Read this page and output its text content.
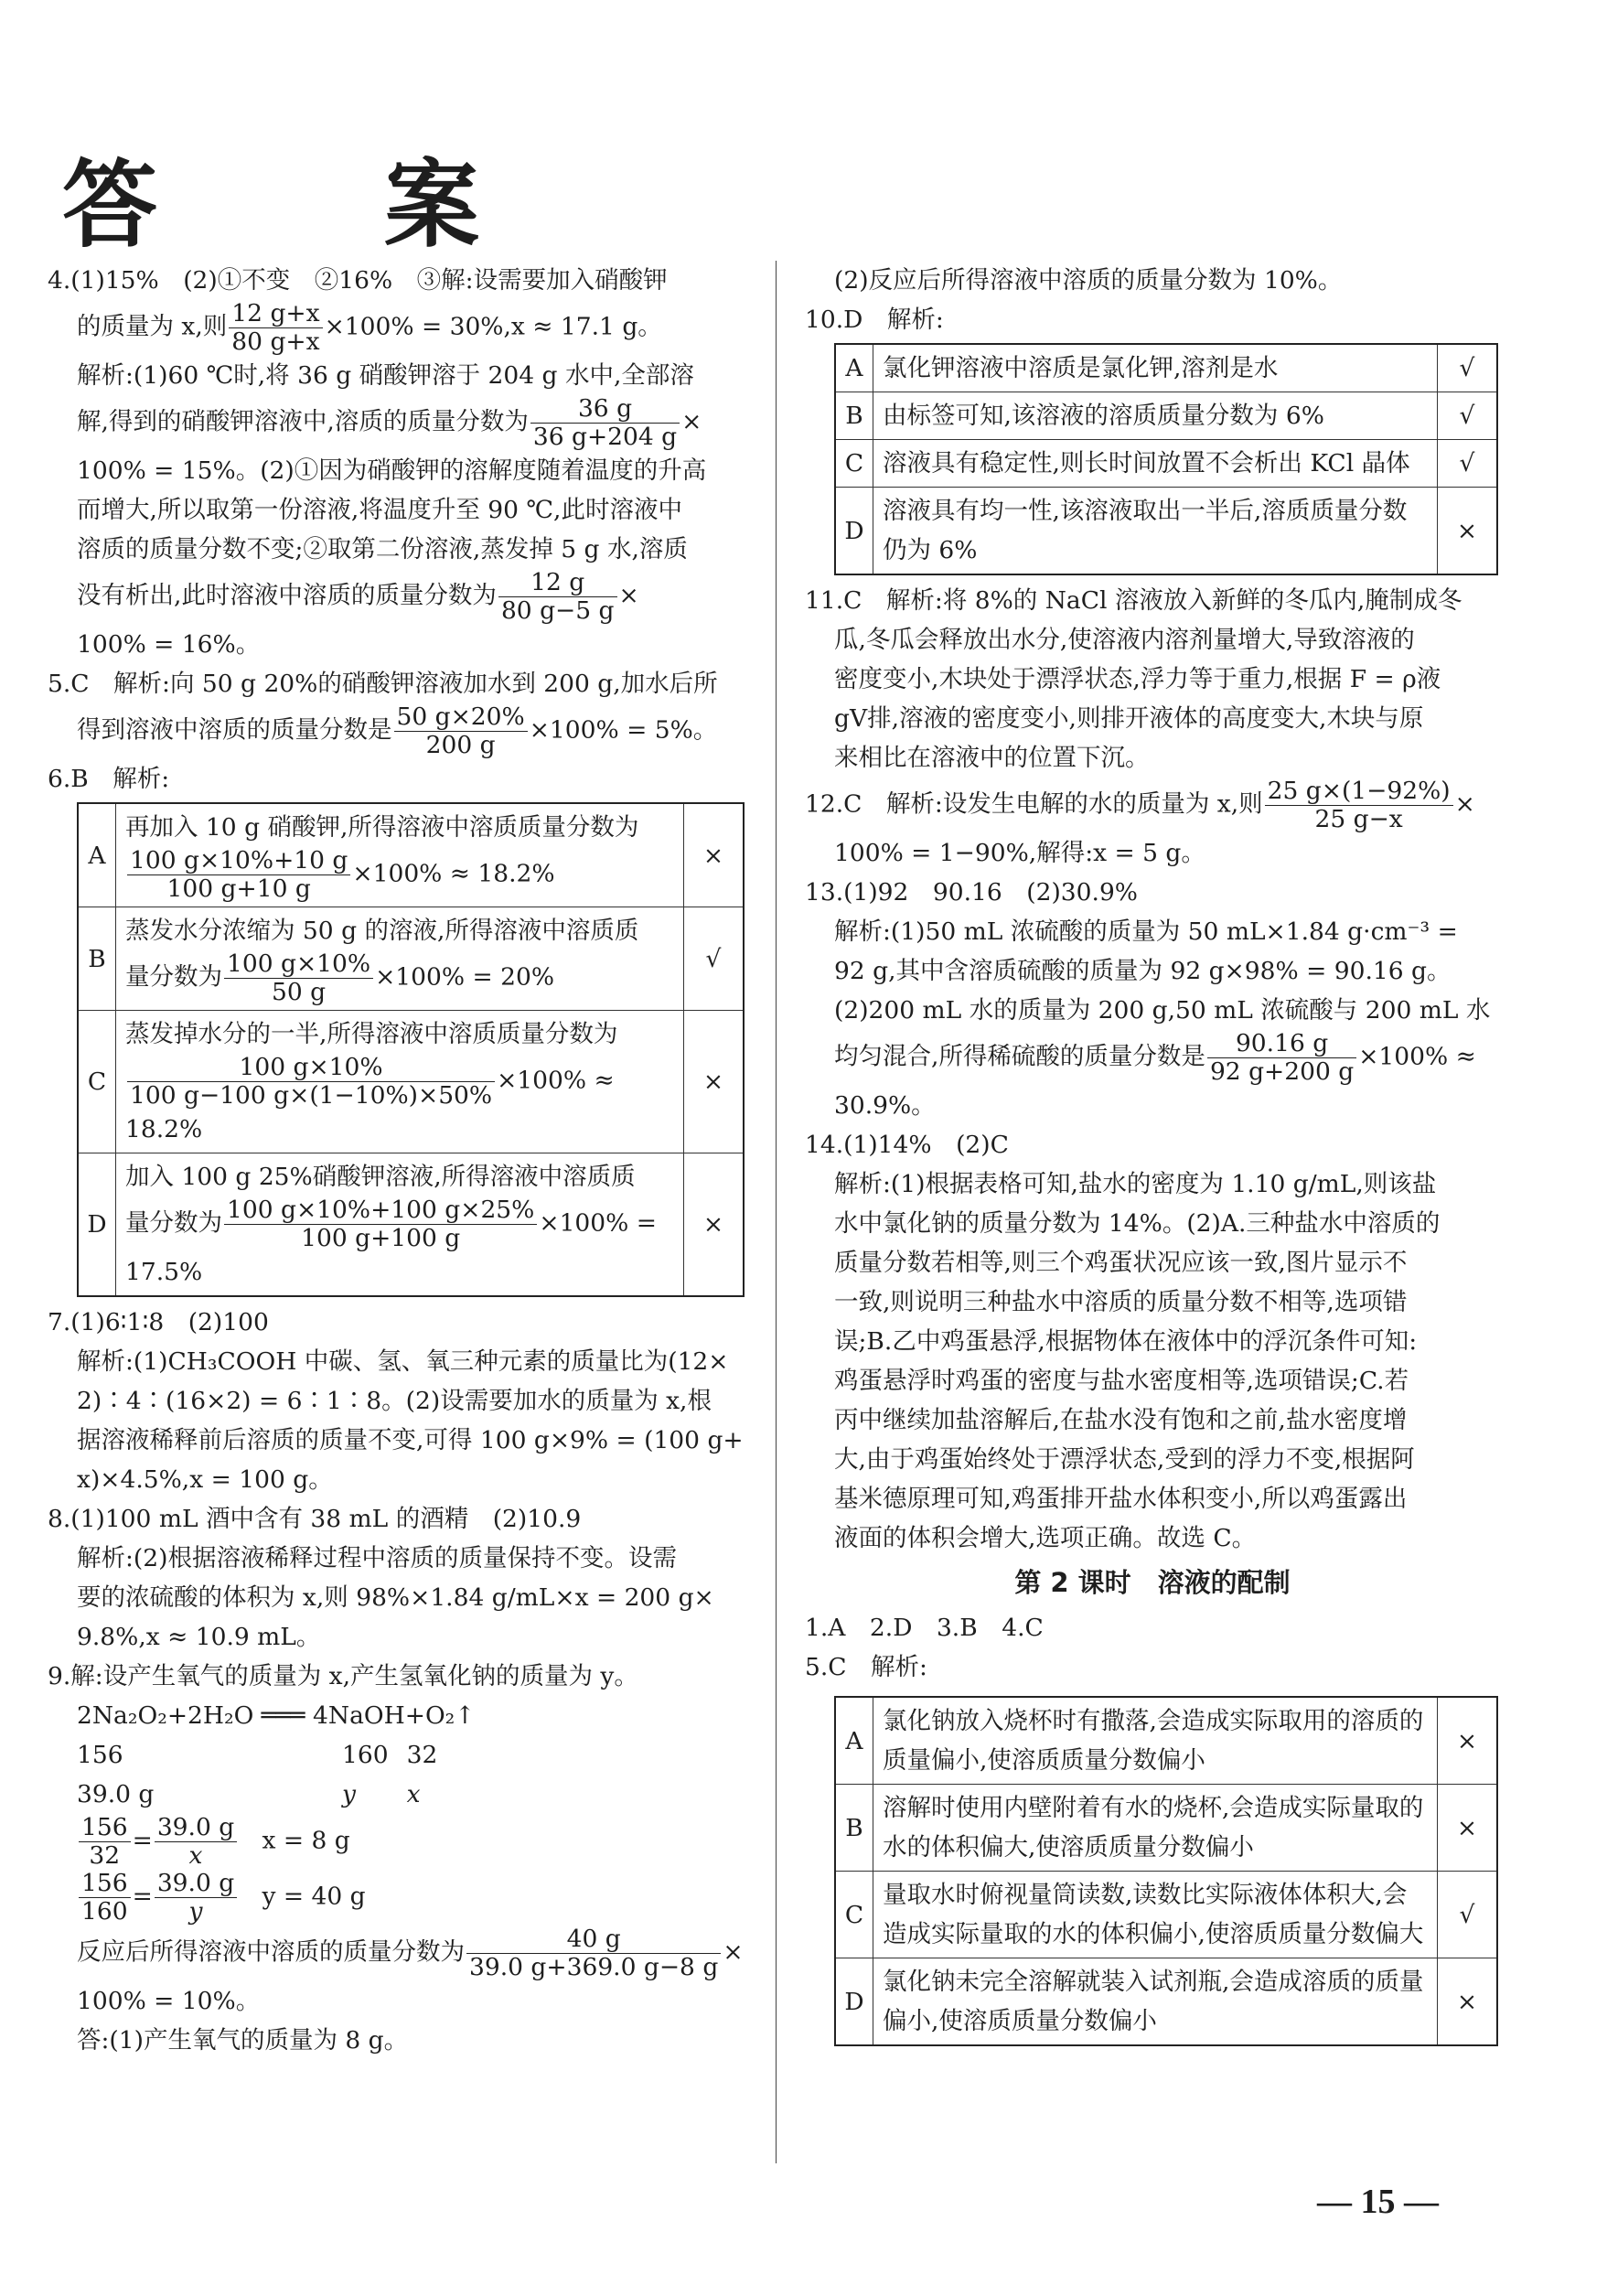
答　案

4.(1)15%　(2)①不变　②16%　③解:设需要加入硝酸钾

的质量为 x,则 $\frac{12 g+x}{80 g+x} \times 100\% = 30\%,x \approx 17.1$ g。

解析:(1)60 ℃时,将 36 g 硝酸钾溶于 204 g 水中,全部溶

解,得到的硝酸钾溶液中,溶质的质量分数为 $\frac{36 g}{36 g+204 g}$ ×

100% = 15%。(2)①因为硝酸钾的溶解度随着温度的升高

而增大,所以取第一份溶液,将温度升至 90 ℃,此时溶液中

溶质的质量分数不变;②取第二份溶液,蒸发掉 5 g 水,溶质

没有析出,此时溶液中溶质的质量分数为 $\frac{12 g}{80 g-5 g}$ ×

100% = 16%。

5.C　解析:向 50 g 20%的硝酸钾溶液加水到 200 g,加水后所

得到溶液中溶质的质量分数是 $\frac{50 g\times 20\%}{200 g} \times 100\% = 5\%$。

6.B　解析:

A	再加入 10 g 硝酸钾,所得溶液中溶质质量分数为
$\frac{100 g\times 10\%+10 g}{100 g+10 g} \times 100\% \approx 18.2\%$	×
B	蒸发水分浓缩为 50 g 的溶液,所得溶液中溶质质
量分数为 $\frac{100 g\times 10\%}{50 g} \times 100\% = 20\%$	√
C	蒸发掉水分的一半,所得溶液中溶质质量分数为
$\frac{100 g\times 10\%}{100 g-100 g\times(1-10\%)\times 50\%} \times 100\% \approx 18.2\%$	×
D	加入 100 g 25%硝酸钾溶液,所得溶液中溶质质
量分数为 $\frac{100 g\times 10\%+100 g\times 25\%}{100 g+100 g} \times 100\% = 17.5\%$	×

7.(1)6∶1∶8　(2)100

解析:(1)CH₃COOH 中碳、氢、氧三种元素的质量比为(12×

2)∶4∶(16×2) = 6∶1∶8。(2)设需要加水的质量为 x,根

据溶液稀释前后溶质的质量不变,可得 100 g×9% = (100 g+

x)×4.5%,x = 100 g。

8.(1)100 mL 酒中含有 38 mL 的酒精　(2)10.9

解析:(2)根据溶液稀释过程中溶质的质量保持不变。设需

要的浓硫酸的体积为 x,则 98%×1.84 g/mL×x = 200 g×

9.8%,x ≈ 10.9 mL。

9.解:设产生氧气的质量为 x,产生氢氧化钠的质量为 y。

2Na₂O₂+2H₂O ═══ 4NaOH+O₂↑

156	160	32
39.0 g	y	x

$\frac{156}{32} = \frac{39.0 g}{x}$ x = 8 g

$\frac{156}{160} = \frac{39.0 g}{y}$ y = 40 g

反应后所得溶液中溶质的质量分数为 $\frac{40 g}{39.0 g+369.0 g-8 g}$ ×

100% = 10%。

答:(1)产生氧气的质量为 8 g。

(2)反应后所得溶液中溶质的质量分数为 10%。

10.D　解析:

A	氯化钾溶液中溶质是氯化钾,溶剂是水	√
B	由标签可知,该溶液的溶质质量分数为 6%	√
C	溶液具有稳定性,则长时间放置不会析出 KCl 晶体	√
D	溶液具有均一性,该溶液取出一半后,溶质质量分数仍为 6%	×

11.C　解析:将 8%的 NaCl 溶液放入新鲜的冬瓜内,腌制成冬

瓜,冬瓜会释放出水分,使溶液内溶剂量增大,导致溶液的

密度变小,木块处于漂浮状态,浮力等于重力,根据 F = ρ液

gV排,溶液的密度变小,则排开液体的高度变大,木块与原

来相比在溶液中的位置下沉。

12.C　解析:设发生电解的水的质量为 x,则 $\frac{25 g\times(1-92\%)}{25 g-x}$ ×

100% = 1−90%,解得:x = 5 g。

13.(1)92　90.16　(2)30.9%

解析:(1)50 mL 浓硫酸的质量为 50 mL×1.84 g·cm⁻³ =

92 g,其中含溶质硫酸的质量为 92 g×98% = 90.16 g。

(2)200 mL 水的质量为 200 g,50 mL 浓硫酸与 200 mL 水

均匀混合,所得稀硫酸的质量分数是 $\frac{90.16 g}{92 g+200 g} \times 100\%$ ≈

30.9%。

14.(1)14%　(2)C

解析:(1)根据表格可知,盐水的密度为 1.10 g/mL,则该盐

水中氯化钠的质量分数为 14%。(2)A.三种盐水中溶质的

质量分数若相等,则三个鸡蛋状况应该一致,图片显示不

一致,则说明三种盐水中溶质的质量分数不相等,选项错

误;B.乙中鸡蛋悬浮,根据物体在液体中的浮沉条件可知:

鸡蛋悬浮时鸡蛋的密度与盐水密度相等,选项错误;C.若

丙中继续加盐溶解后,在盐水没有饱和之前,盐水密度增

大,由于鸡蛋始终处于漂浮状态,受到的浮力不变,根据阿

基米德原理可知,鸡蛋排开盐水体积变小,所以鸡蛋露出

液面的体积会增大,选项正确。故选 C。

第 2 课时　溶液的配制

1.A　2.D　3.B　4.C

5.C　解析:

A	氯化钠放入烧杯时有撒落,会造成实际取用的溶质的质量偏小,使溶质质量分数偏小	×
B	溶解时使用内壁附着有水的烧杯,会造成实际量取的水的体积偏大,使溶质质量分数偏小	×
C	量取水时俯视量筒读数,读数比实际液体体积大,会造成实际量取的水的体积偏小,使溶质质量分数偏大	√
D	氯化钠未完全溶解就装入试剂瓶,会造成溶质的质量偏小,使溶质质量分数偏小	×
— 15 —
